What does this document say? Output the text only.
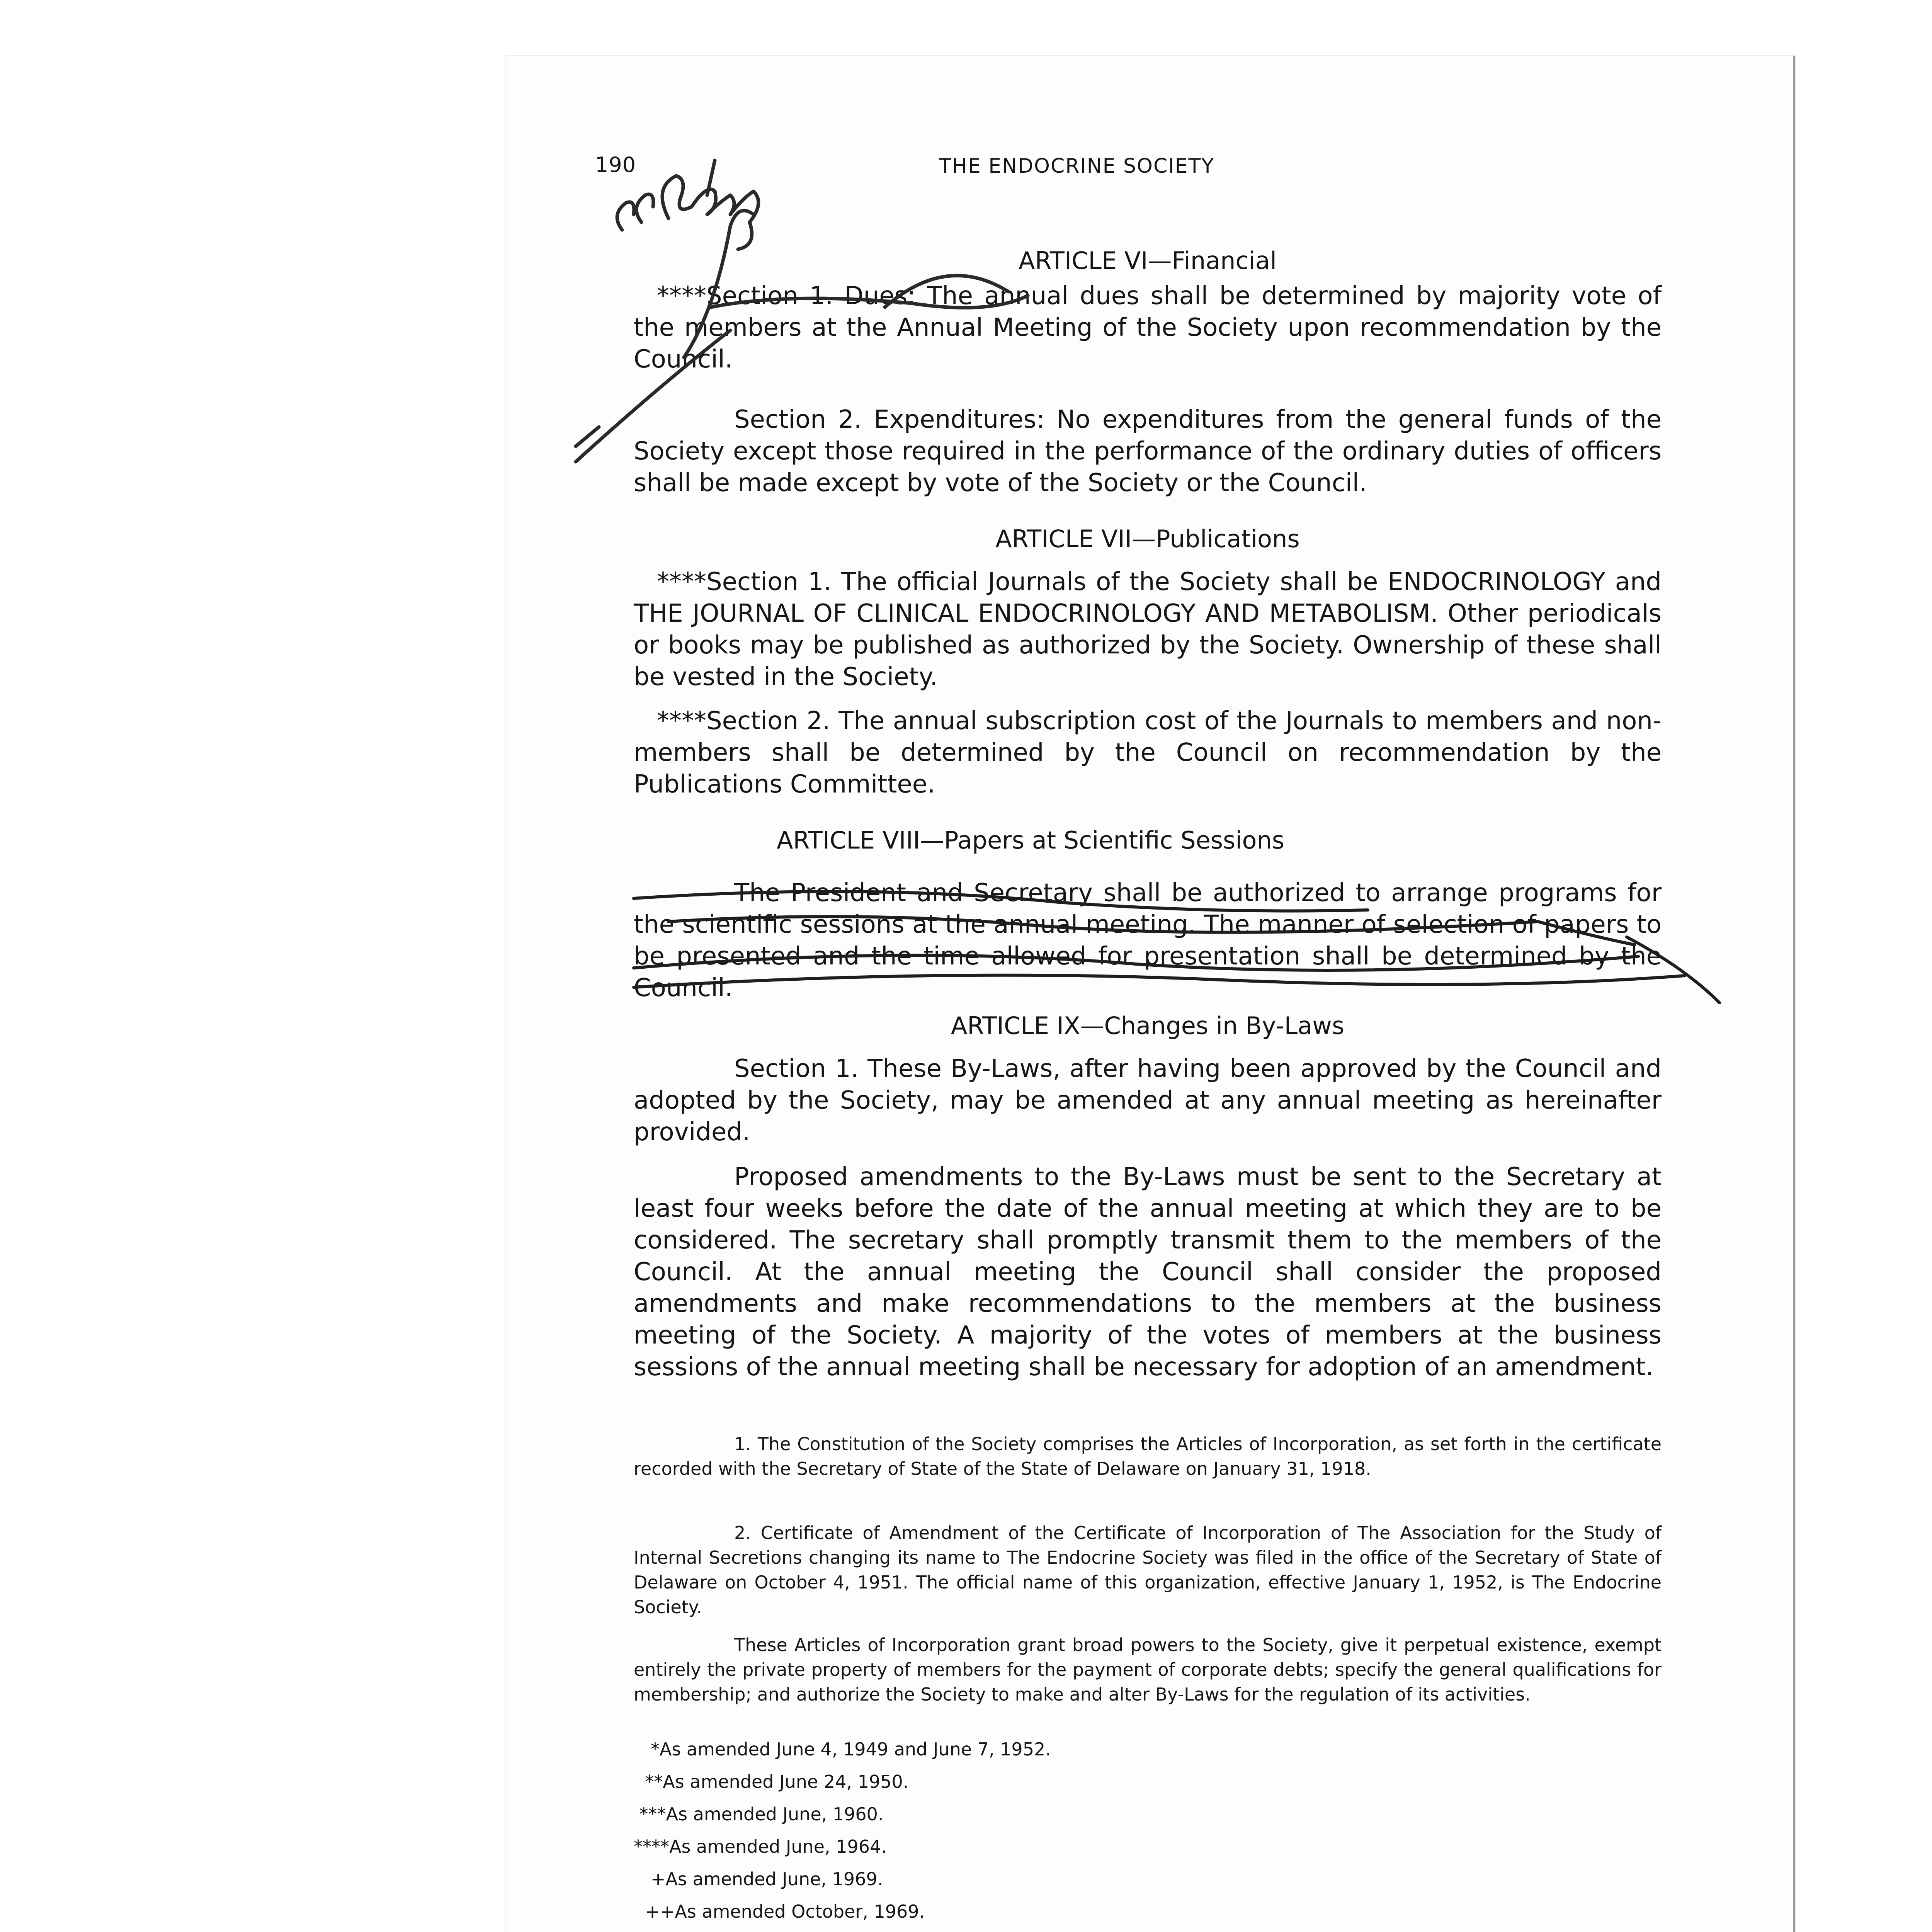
190	THE ENDOCRINE SOCIETY
ARTICLE VI—Financial
****Section 1. Dues: The annual dues shall be determined by majority vote of the members at the Annual Meeting of the Society upon recommendation by the Council.
Section 2. Expenditures: No expenditures from the general funds of the Society except those required in the performance of the ordinary duties of officers shall be made except by vote of the Society or the Council.
ARTICLE VII—Publications
****Section 1. The official Journals of the Society shall be ENDOCRINOLOGY and THE JOURNAL OF CLINICAL ENDOCRINOLOGY AND METABOLISM. Other periodicals or books may be published as authorized by the Society. Ownership of these shall be vested in the Society.
****Section 2. The annual subscription cost of the Journals to members and non-members shall be determined by the Council on recommendation by the Publications Committee.
ARTICLE VIII—Papers at Scientific Sessions
The President and Secretary shall be authorized to arrange programs for the scientific sessions at the annual meeting. The manner of selection of papers to be presented and the time allowed for presentation shall be determined by the Council.
ARTICLE IX—Changes in By-Laws
Section 1. These By-Laws, after having been approved by the Council and adopted by the Society, may be amended at any annual meeting as hereinafter provided.
Proposed amendments to the By-Laws must be sent to the Secretary at least four weeks before the date of the annual meeting at which they are to be considered. The secretary shall promptly transmit them to the members of the Council. At the annual meeting the Council shall consider the proposed amendments and make recommendations to the members at the business meeting of the Society. A majority of the votes of members at the business sessions of the annual meeting shall be necessary for adoption of an amendment.
1. The Constitution of the Society comprises the Articles of Incorporation, as set forth in the certificate recorded with the Secretary of State of the State of Delaware on January 31, 1918.
2. Certificate of Amendment of the Certificate of Incorporation of The Association for the Study of Internal Secretions changing its name to The Endocrine Society was filed in the office of the Secretary of State of Delaware on October 4, 1951. The official name of this organization, effective January 1, 1952, is The Endocrine Society.
These Articles of Incorporation grant broad powers to the Society, give it perpetual existence, exempt entirely the private property of members for the payment of corporate debts; specify the general qualifications for membership; and authorize the Society to make and alter By-Laws for the regulation of its activities.
*As amended June 4, 1949 and June 7, 1952.
**As amended June 24, 1950.
***As amended June, 1960.
****As amended June, 1964.
+As amended June, 1969.
++As amended October, 1969.
